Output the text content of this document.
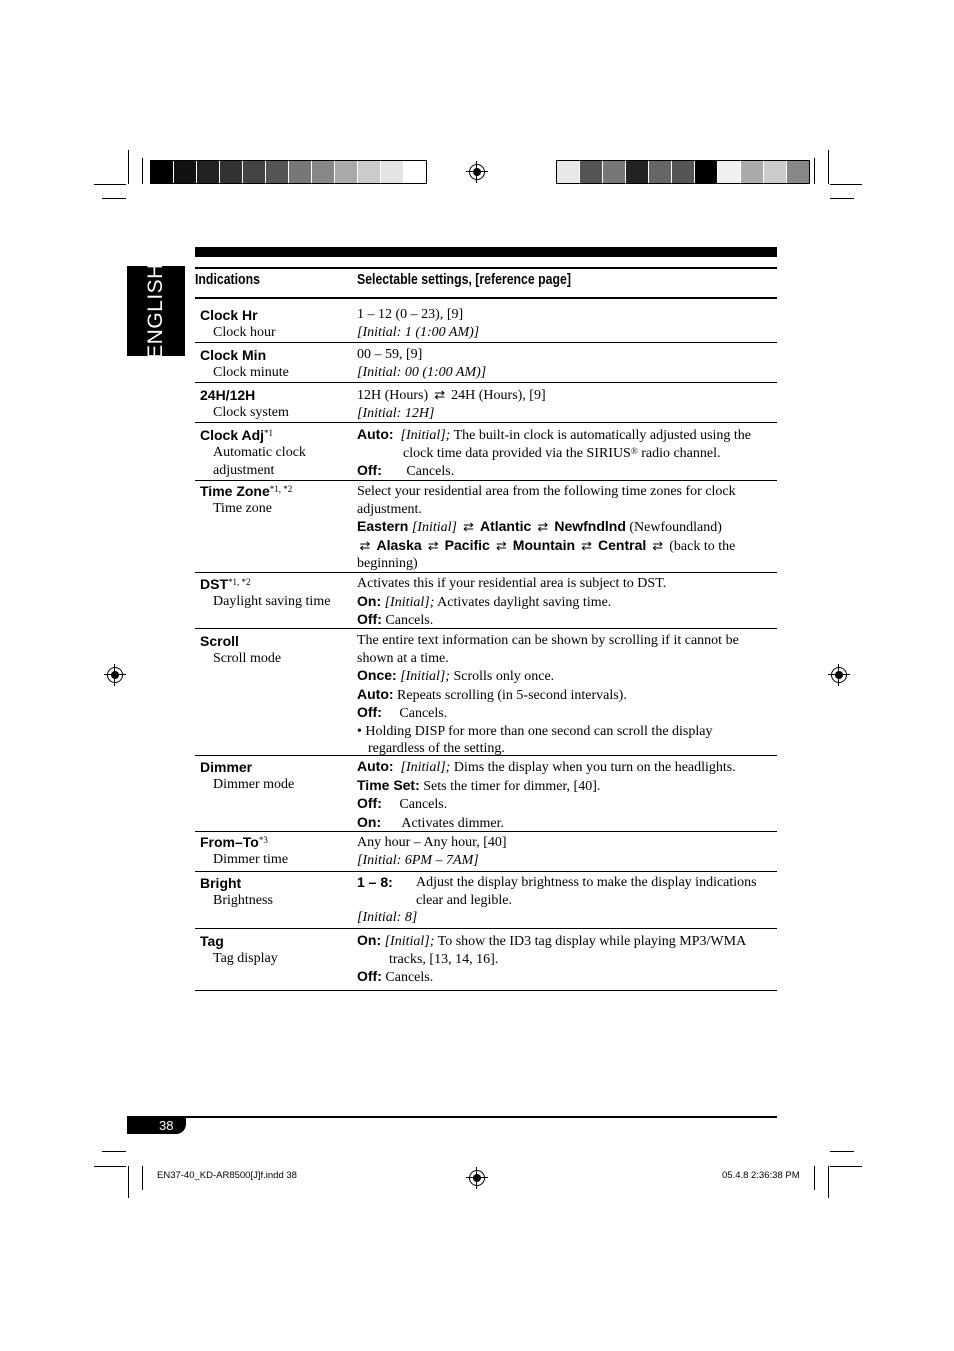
ENGLISH Indications	Selectable settings, [reference page]
Clock Hr
Clock hour
1 – 12 (0 – 23), [9]
[Initial: 1 (1:00 AM)]
Clock Min
Clock minute
00 – 59, [9]
[Initial: 00 (1:00 AM)]
24H/12H
Clock system
12H (Hours) ⇄ 24H (Hours), [9]
[Initial: 12H]
Clock Adj$^{*1}$
Automatic clock
adjustment
Auto: [Initial]; The built-in clock is automatically adjusted using the
clock time data provided via the SIRIUS® radio channel.
Off: Cancels.
Time Zone$^{*1, *2}$
Time zone
Select your residential area from the following time zones for clock
adjustment.
Eastern [Initial] ⇄ Atlantic ⇄ Newfndlnd (Newfoundland)
⇄ Alaska ⇄ Pacific ⇄ Mountain ⇄ Central ⇄ (back to the
beginning)
$DST^{*1, *2}$
Daylight saving time
Activates this if your residential area is subject to DST.
On: [Initial]; Activates daylight saving time.
Off: Cancels.
Scroll
Scroll mode
The entire text information can be shown by scrolling if it cannot be
shown at a time.
Once: [Initial]; Scrolls only once.
Auto: Repeats scrolling (in 5-second intervals).
Off: Cancels.
• Holding DISP for more than one second can scroll the display
regardless of the setting.
Dimmer
Dimmer mode
Auto: [Initial]; Dims the display when you turn on the headlights.
Time Set: Sets the timer for dimmer, [40].
Off: Cancels.
On: Activates dimmer.
From–To$^{*3}$
Dimmer time
Any hour – Any hour, [40]
[Initial: 6PM – 7AM]
Bright
Brightness
1 – 8: Adjust the display brightness to make the display indications
clear and legible.
[Initial: 8]
Tag
Tag display
On: [Initial]; To show the ID3 tag display while playing MP3/WMA
tracks, [13, 14, 16].
Off: Cancels.
38
EN37-40_KD-AR8500[J]f.indd 38	05.4.8 2:36:38 PM
